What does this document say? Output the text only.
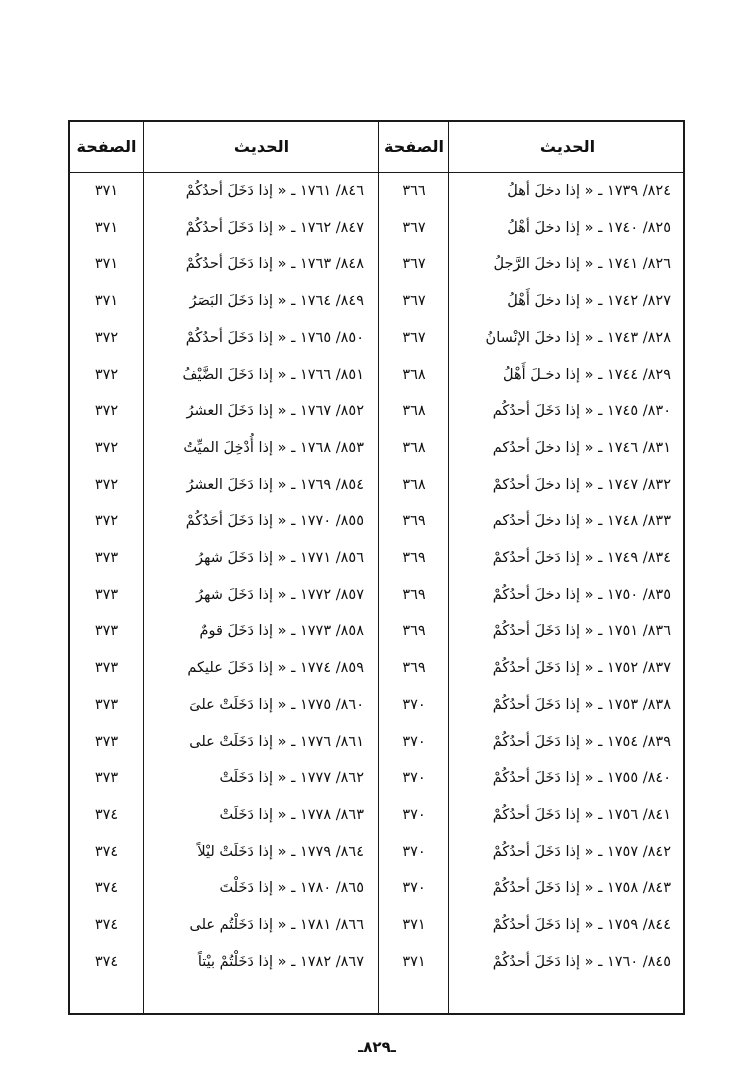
الحديث
الصفحة
الحديث
الصفحة
٨٢٤/ ١٧٣٩ ـ « إذا دخلَ أهلُ
٣٦٦
٨٢٥/ ١٧٤٠ ـ « إذا دخلَ أهْلُ
٣٦٧
٨٢٦/ ١٧٤١ ـ « إذا دخلَ الرَّجلُ
٣٦٧
٨٢٧/ ١٧٤٢ ـ « إذا دخلَ أَهْلُ
٣٦٧
٨٢٨/ ١٧٤٣ ـ « إذا دخلَ الإنْسانُ
٣٦٧
٨٢٩/ ١٧٤٤ ـ « إذا دخـلَ أَهْلُ
٣٦٨
٨٣٠/ ١٧٤٥ ـ « إذا دَخَلَ أحدُكُم
٣٦٨
٨٣١/ ١٧٤٦ ـ « إذا دخلَ أحدُكم
٣٦٨
٨٣٢/ ١٧٤٧ ـ « إذا دخلَ أحدُكمْ
٣٦٨
٨٣٣/ ١٧٤٨ ـ « إذا دخلَ أحدُكم
٣٦٩
٨٣٤/ ١٧٤٩ ـ « إذا دَخلَ أحدُكمْ
٣٦٩
٨٣٥/ ١٧٥٠ ـ « إذا دخلَ أحدُكُمْ
٣٦٩
٨٣٦/ ١٧٥١ ـ « إذا دَخَلَ أحدُكُمْ
٣٦٩
٨٣٧/ ١٧٥٢ ـ « إذا دَخَلَ أحدُكُمْ
٣٦٩
٨٣٨/ ١٧٥٣ ـ « إذا دَخَلَ أحدُكُمْ
٣٧٠
٨٣٩/ ١٧٥٤ ـ « إذا دَخَلَ أحدُكُمْ
٣٧٠
٨٤٠/ ١٧٥٥ ـ « إذا دَخَلَ أحدُكُمْ
٣٧٠
٨٤١/ ١٧٥٦ ـ « إذا دَخَلَ أحدُكُمْ
٣٧٠
٨٤٢/ ١٧٥٧ ـ « إذا دَخَلَ أحدُكُمْ
٣٧٠
٨٤٣/ ١٧٥٨ ـ « إذا دَخَلَ أحدُكُمْ
٣٧٠
٨٤٤/ ١٧٥٩ ـ « إذا دَخَلَ أحدُكُمْ
٣٧١
٨٤٥/ ١٧٦٠ ـ « إذا دَخَلَ أحدُكُمْ
٣٧١
٨٤٦/ ١٧٦١ ـ « إذا دَخَلَ أحدُكُمْ
٣٧١
٨٤٧/ ١٧٦٢ ـ « إذا دَخَلَ أحدُكُمْ
٣٧١
٨٤٨/ ١٧٦٣ ـ « إذا دَخَلَ أحدُكُمْ
٣٧١
٨٤٩/ ١٧٦٤ ـ « إذا دَخَلَ البَصَرُ
٣٧١
٨٥٠/ ١٧٦٥ ـ « إذا دَخَلَ أحدُكُمْ
٣٧٢
٨٥١/ ١٧٦٦ ـ « إذا دَخَلَ الضَّيْفُ
٣٧٢
٨٥٢/ ١٧٦٧ ـ « إذا دَخَلَ العشرُ
٣٧٢
٨٥٣/ ١٧٦٨ ـ « إذا أُدْخِلَ الميِّتُ
٣٧٢
٨٥٤/ ١٧٦٩ ـ « إذا دَخَلَ العشرُ
٣٧٢
٨٥٥/ ١٧٧٠ ـ « إذا دَخَلَ أحَدُكُمْ
٣٧٢
٨٥٦/ ١٧٧١ ـ « إذا دَخَلَ شهرُ
٣٧٣
٨٥٧/ ١٧٧٢ ـ « إذا دَخَلَ شهرُ
٣٧٣
٨٥٨/ ١٧٧٣ ـ « إذا دَخَلَ قومٌ
٣٧٣
٨٥٩/ ١٧٧٤ ـ « إذا دَخَلَ عليكم
٣٧٣
٨٦٠/ ١٧٧٥ ـ « إذا دَخَلَتْ علىَ
٣٧٣
٨٦١/ ١٧٧٦ ـ « إذا دَخَلَتْ على
٣٧٣
٨٦٢/ ١٧٧٧ ـ « إذا دَخَلَتْ
٣٧٣
٨٦٣/ ١٧٧٨ ـ « إذا دَخَلَتْ
٣٧٤
٨٦٤/ ١٧٧٩ ـ « إذا دَخَلَتْ ليْلاً
٣٧٤
٨٦٥/ ١٧٨٠ ـ « إذا دَخَلْتَ
٣٧٤
٨٦٦/ ١٧٨١ ـ « إذا دَخَلْتُم على
٣٧٤
٨٦٧/ ١٧٨٢ ـ « إذا دَخَلْتُمْ بيْتاً
٣٧٤
ـ٨٢٩ـ
